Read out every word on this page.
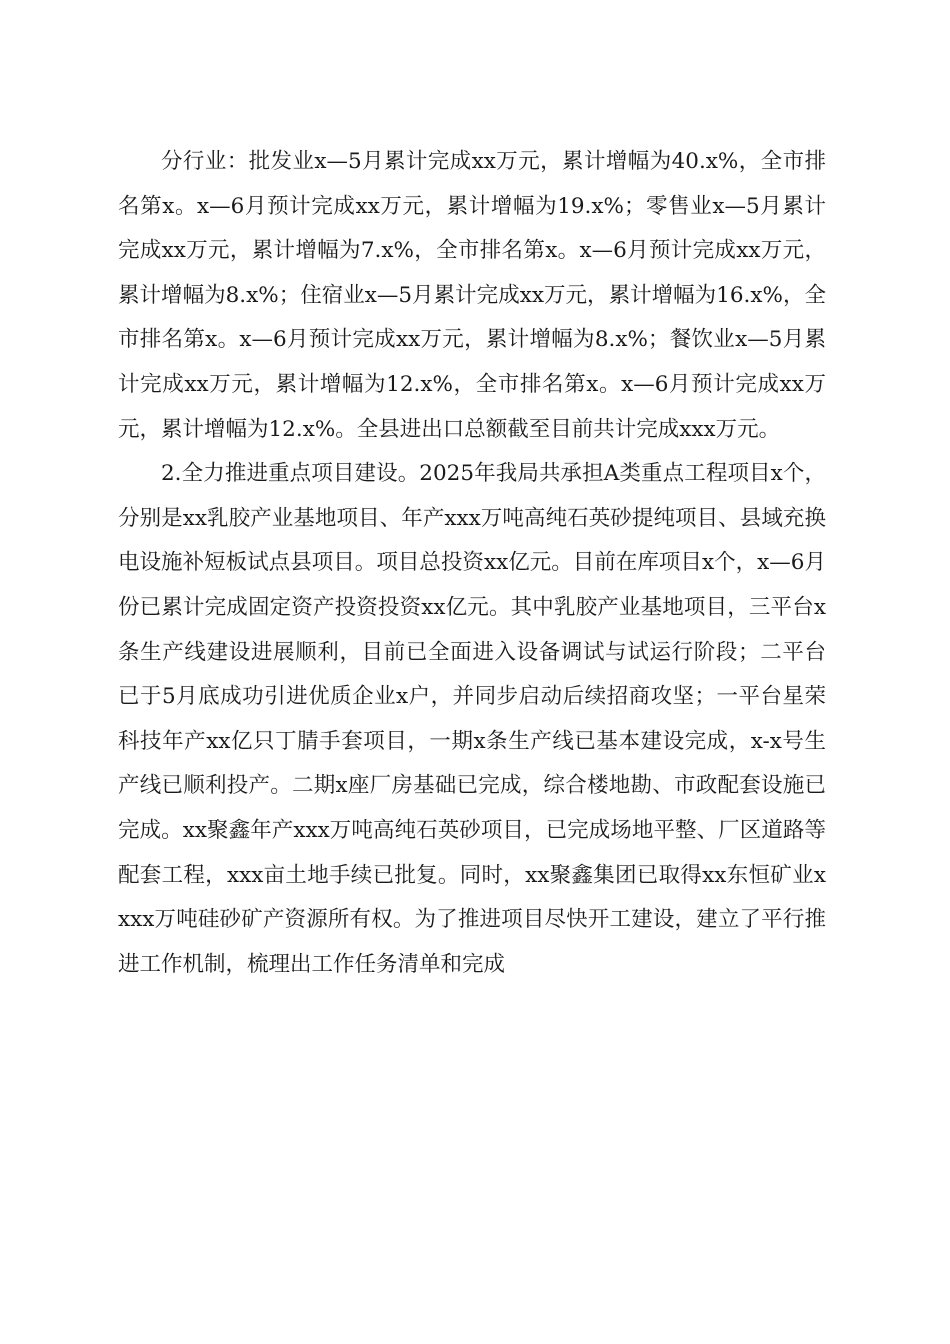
分行业：批发业x—5月累计完成xx万元，累计增幅为40.x%，全市排名第x。x—6月预计完成xx万元，累计增幅为19.x%；零售业x—5月累计完成xx万元，累计增幅为7.x%，全市排名第x。x—6月预计完成xx万元，累计增幅为8.x%；住宿业x—5月累计完成xx万元，累计增幅为16.x%，全市排名第x。x—6月预计完成xx万元，累计增幅为8.x%；餐饮业x—5月累计完成xx万元，累计增幅为12.x%，全市排名第x。x—6月预计完成xx万元，累计增幅为12.x%。全县进出口总额截至目前共计完成xxx万元。

2.全力推进重点项目建设。2025年我局共承担A类重点工程项目x个，分别是xx乳胶产业基地项目、年产xxx万吨高纯石英砂提纯项目、县域充换电设施补短板试点县项目。项目总投资xx亿元。目前在库项目x个，x—6月份已累计完成固定资产投资投资xx亿元。其中乳胶产业基地项目，三平台x条生产线建设进展顺利，目前已全面进入设备调试与试运行阶段；二平台已于5月底成功引进优质企业x户，并同步启动后续招商攻坚；一平台星荣科技年产xx亿只丁腈手套项目，一期x条生产线已基本建设完成，x-x号生产线已顺利投产。二期x座厂房基础已完成，综合楼地勘、市政配套设施已完成。xx聚鑫年产xxx万吨高纯石英砂项目，已完成场地平整、厂区道路等配套工程，xxx亩土地手续已批复。同时，xx聚鑫集团已取得xx东恒矿业xxxx万吨硅砂矿产资源所有权。为了推进项目尽快开工建设，建立了平行推进工作机制，梳理出工作任务清单和完成
